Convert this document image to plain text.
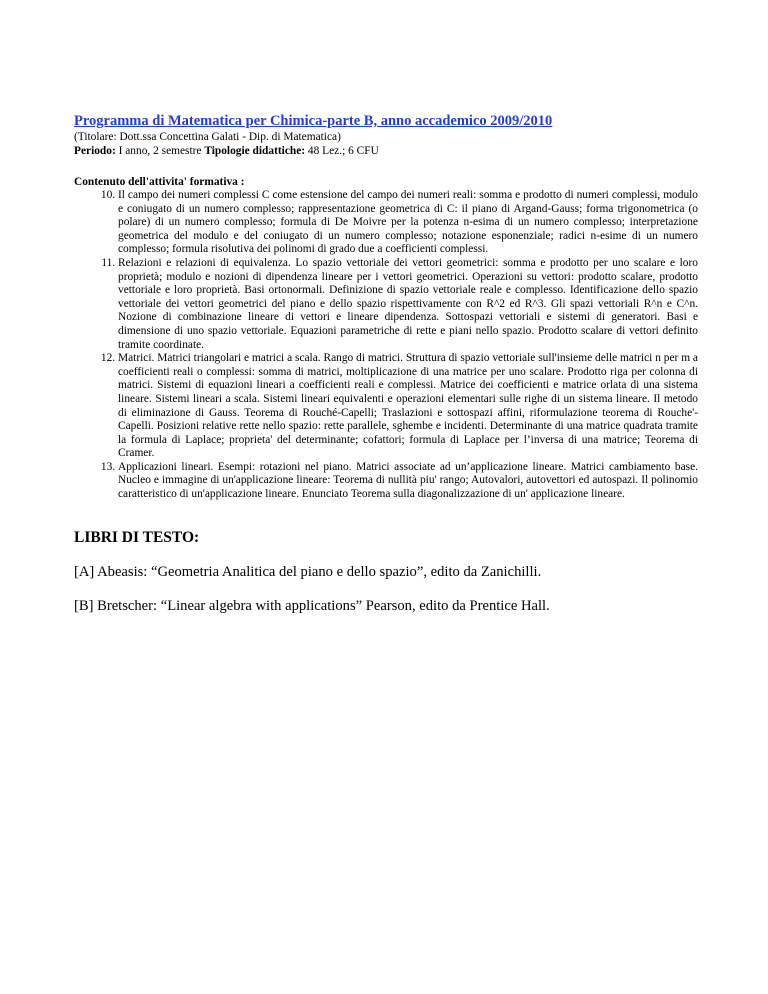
Programma di Matematica per Chimica-parte B, anno accademico 2009/2010
(Titolare: Dott.ssa Concettina Galati - Dip. di Matematica)
Periodo: I anno, 2 semestre Tipologie didattiche: 48 Lez.; 6 CFU
Contenuto dell'attivita' formativa :
10. Il campo dei numeri complessi C come estensione del campo dei numeri reali: somma e prodotto di numeri complessi, modulo e coniugato di un numero complesso; rappresentazione geometrica di C: il piano di Argand-Gauss; forma trigonometrica (o polare) di un numero complesso; formula di De Moivre per la potenza n-esima di un numero complesso; interpretazione geometrica del modulo e del coniugato di un numero complesso; notazione esponenziale; radici n-esime di un numero complesso; formula risolutiva dei polinomi di grado due a coefficienti complessi.
11. Relazioni e relazioni di equivalenza. Lo spazio vettoriale dei vettori geometrici: somma e prodotto per uno scalare e loro proprietà; modulo e nozioni di dipendenza lineare per i vettori geometrici. Operazioni su vettori: prodotto scalare, prodotto vettoriale e loro proprietà. Basi ortonormali. Definizione di spazio vettoriale reale e complesso. Identificazione dello spazio vettoriale dei vettori geometrici del piano e dello spazio rispettivamente con R^2 ed R^3. Gli spazi vettoriali R^n e C^n. Nozione di combinazione lineare di vettori e lineare dipendenza. Sottospazi vettoriali e sistemi di generatori. Basi e dimensione di uno spazio vettoriale. Equazioni parametriche di rette e piani nello spazio. Prodotto scalare di vettori definito tramite coordinate.
12. Matrici. Matrici triangolari e matrici a scala. Rango di matrici. Struttura di spazio vettoriale sull'insieme delle matrici n per m a coefficienti reali o complessi: somma di matrici, moltiplicazione di una matrice per uno scalare. Prodotto riga per colonna di matrici. Sistemi di equazioni lineari a coefficienti reali e complessi. Matrice dei coefficienti e matrice orlata di una sistema lineare. Sistemi lineari a scala. Sistemi lineari equivalenti e operazioni elementari sulle righe di un sistema lineare. Il metodo di eliminazione di Gauss. Teorema di Rouché-Capelli; Traslazioni e sottospazi affini, riformulazione teorema di Rouche'-Capelli. Posizioni relative rette nello spazio: rette parallele, sghembe e incidenti. Determinante di una matrice quadrata tramite la formula di Laplace; proprieta' del determinante; cofattori; formula di Laplace per l’inversa di una matrice; Teorema di Cramer.
13. Applicazioni lineari. Esempi: rotazioni nel piano. Matrici associate ad un’applicazione lineare. Matrici cambiamento base. Nucleo e immagine di un'applicazione lineare: Teorema di nullità piu' rango; Autovalori, autovettori ed autospazi. Il polinomio caratteristico di un'applicazione lineare. Enunciato Teorema sulla diagonalizzazione di un' applicazione lineare.
LIBRI DI TESTO:
[A] Abeasis: “Geometria Analitica del piano e dello spazio”, edito da Zanichilli.
[B] Bretscher: “Linear algebra with applications” Pearson, edito da Prentice Hall.
